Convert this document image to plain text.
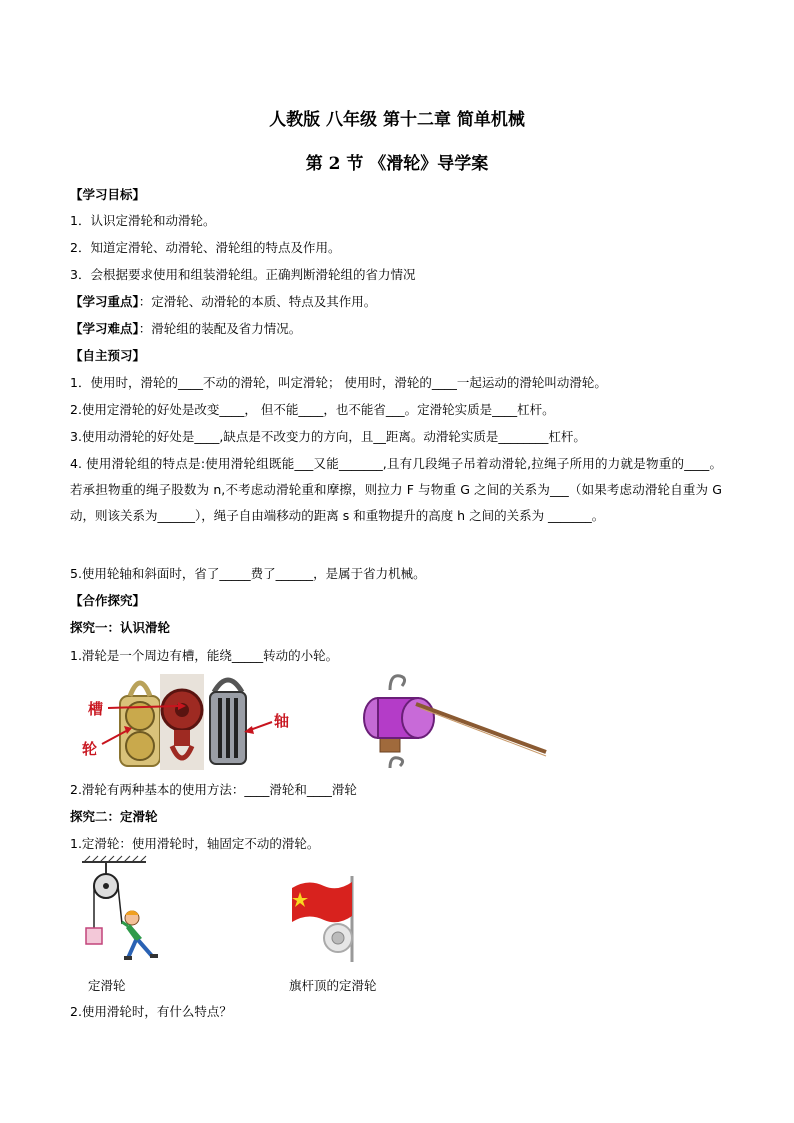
人教版 八年级 第十二章 简单机械
第 2 节 《滑轮》导学案
【学习目标】
1．认识定滑轮和动滑轮。
2．知道定滑轮、动滑轮、滑轮组的特点及作用。
3．会根据要求使用和组装滑轮组。正确判断滑轮组的省力情况
【学习重点】：定滑轮、动滑轮的本质、特点及其作用。
【学习难点】：滑轮组的装配及省力情况。
【自主预习】
1．使用时，滑轮的____不动的滑轮，叫定滑轮； 使用时，滑轮的____一起运动的滑轮叫动滑轮。
2.使用定滑轮的好处是改变____， 但不能____，也不能省___。定滑轮实质是____杠杆。
3.使用动滑轮的好处是____,缺点是不改变力的方向，且__距离。动滑轮实质是________杠杆。
4. 使用滑轮组的特点是:使用滑轮组既能___又能_______,且有几段绳子吊着动滑轮,拉绳子所用的力就是物重的____。若承担物重的绳子股数为 n,不考虑动滑轮重和摩擦，则拉力 F 与物重 G 之间的关系为___（如果考虑动滑轮自重为 G 动，则该关系为______），绳子自由端移动的距离 s 和重物提升的高度 h 之间的关系为 _______。
5.使用轮轴和斜面时，省了_____费了______，是属于省力机械。
【合作探究】
探究一：认识滑轮
1.滑轮是一个周边有槽，能绕_____转动的小轮。
槽
轮
轴
2.滑轮有两种基本的使用方法：____滑轮和____滑轮
探究二：定滑轮
1.定滑轮：使用滑轮时，轴固定不动的滑轮。
定滑轮	旗杆顶的定滑轮
2.使用滑轮时，有什么特点？
